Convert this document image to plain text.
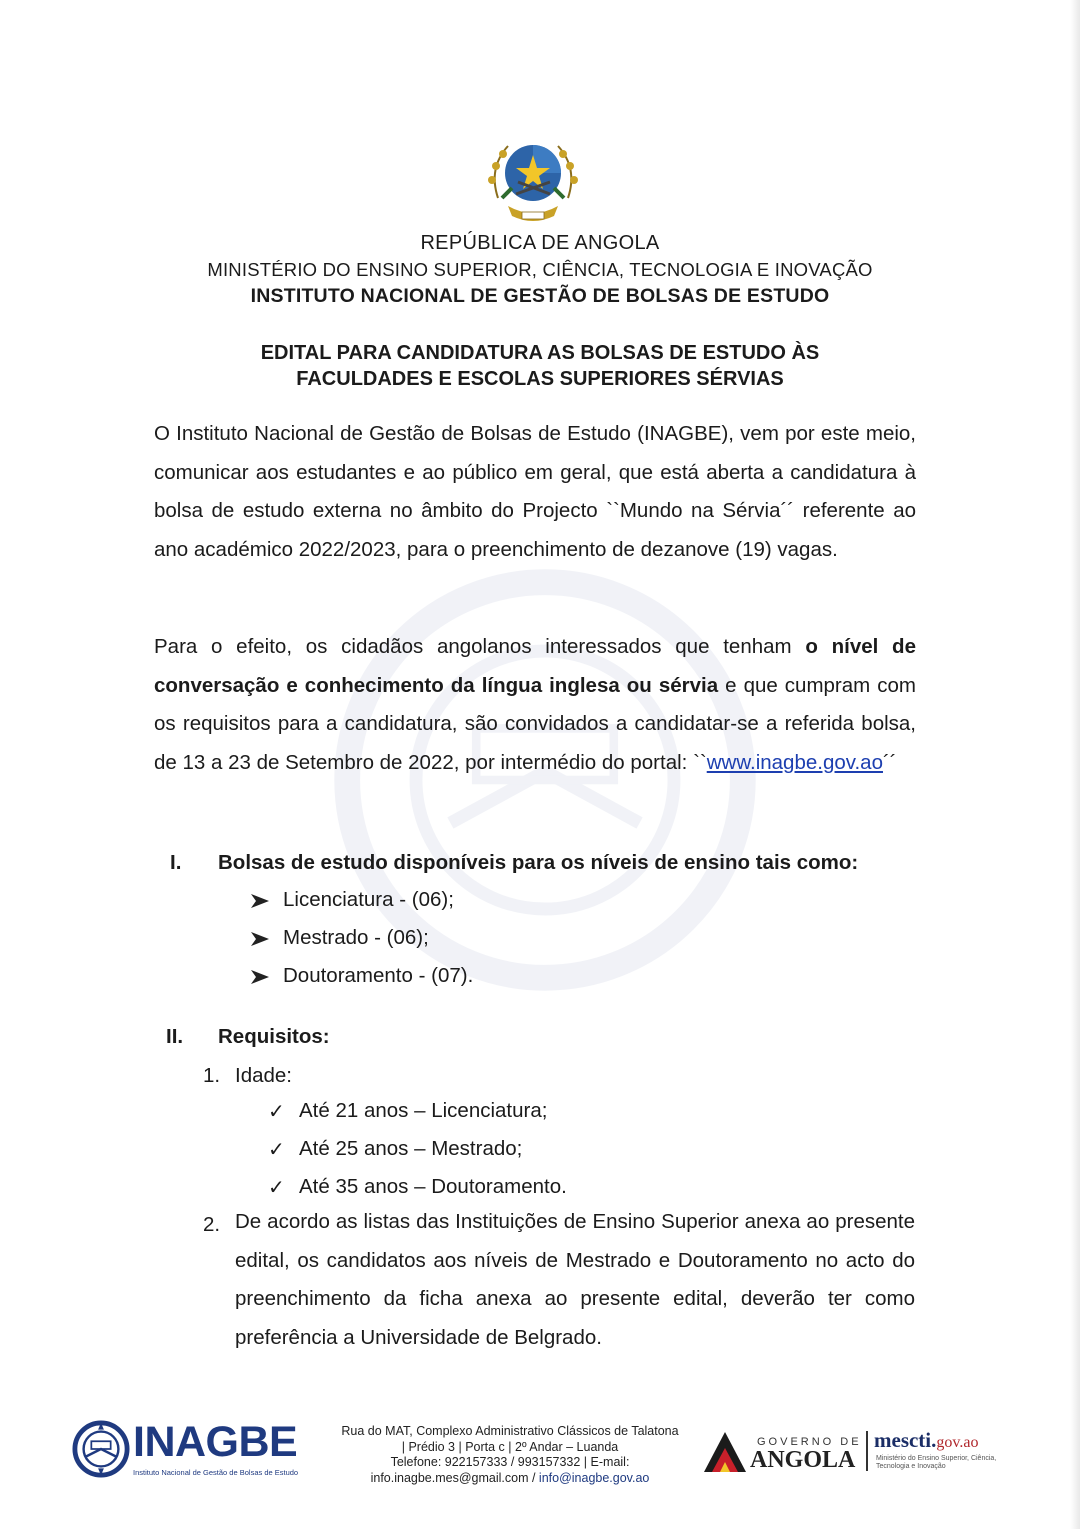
REPÚBLICA DE ANGOLA
MINISTÉRIO DO ENSINO SUPERIOR, CIÊNCIA, TECNOLOGIA E INOVAÇÃO
INSTITUTO NACIONAL DE GESTÃO DE BOLSAS DE ESTUDO
EDITAL PARA CANDIDATURA AS BOLSAS DE ESTUDO ÀS
FACULDADES E ESCOLAS SUPERIORES SÉRVIAS
O Instituto Nacional de Gestão de Bolsas de Estudo (INAGBE), vem por este meio, comunicar aos estudantes e ao público em geral, que está aberta a candidatura à bolsa de estudo externa no âmbito do Projecto ``Mundo na Sérvia´´ referente ao ano académico 2022/2023, para o preenchimento de dezanove (19) vagas.
Para o efeito, os cidadãos angolanos interessados que tenham o nível de conversação e conhecimento da língua inglesa ou sérvia e que cumpram com os requisitos para a candidatura, são convidados a candidatar-se a referida bolsa, de 13 a 23 de Setembro de 2022, por intermédio do portal: ``www.inagbe.gov.ao´´
I. Bolsas de estudo disponíveis para os níveis de ensino tais como:
Licenciatura - (06);
Mestrado - (06);
Doutoramento - (07).
II. Requisitos:
1. Idade:
✓ Até 21 anos – Licenciatura;
✓ Até 25 anos – Mestrado;
✓ Até 35 anos – Doutoramento.
2. De acordo as listas das Instituições de Ensino Superior anexa ao presente edital, os candidatos aos níveis de Mestrado e Doutoramento no acto do preenchimento da ficha anexa ao presente edital, deverão ter como preferência a Universidade de Belgrado.
INAGBE
Instituto Nacional de Gestão de Bolsas de Estudo
Rua do MAT, Complexo Administrativo Clássicos de Talatona
| Prédio 3 | Porta c | 2º Andar – Luanda
Telefone: 922157333 / 993157332 | E-mail:
info.inagbe.mes@gmail.com / info@inagbe.gov.ao
GOVERNO DE
ANGOLA
mescti.gov.ao
Ministério do Ensino Superior, Ciência, Tecnologia e Inovação
